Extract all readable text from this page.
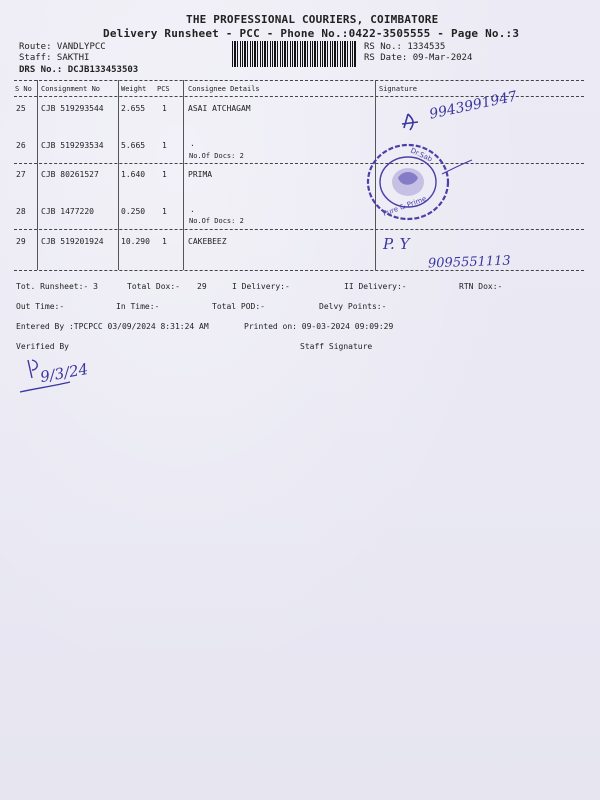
THE PROFESSIONAL COURIERS, COIMBATORE
Delivery Runsheet - PCC - Phone No.:0422-3505555 - Page No.:3
Route: VANDLYPCC
Staff: SAKTHI
DRS No.: DCJB133453503
RS No.: 1334535
RS Date: 09-Mar-2024
S No Consignment No	Weight PCS	Consignee Details	Signature
25 CJB 519293544 2.655 1	ASAI ATCHAGAM
26 CJB 519293534 5.665 1	.
No.Of Docs: 2
27 CJB 80261527	1.640 1	PRIMA
28 CJB 1477220	0.250 1	.
No.Of Docs: 2
29 CJB 519201924 10.290 1	CAKEBEEZ
Tot. Runsheet:- 3	Total Dox:- 29	I Delivery:-	II Delivery:-	RTN Dox:-
Out Time:-	In Time:-	Total POD:-	Delvy Points:-
Entered By :TPCPCC 03/09/2024 8:31:24 AM	Printed on: 09-03-2024 09:09:29
Verified By	Staff Signature
9943991947
Dr.Sab
Pure & Prime
P. Y
9095551113
9/3/24
